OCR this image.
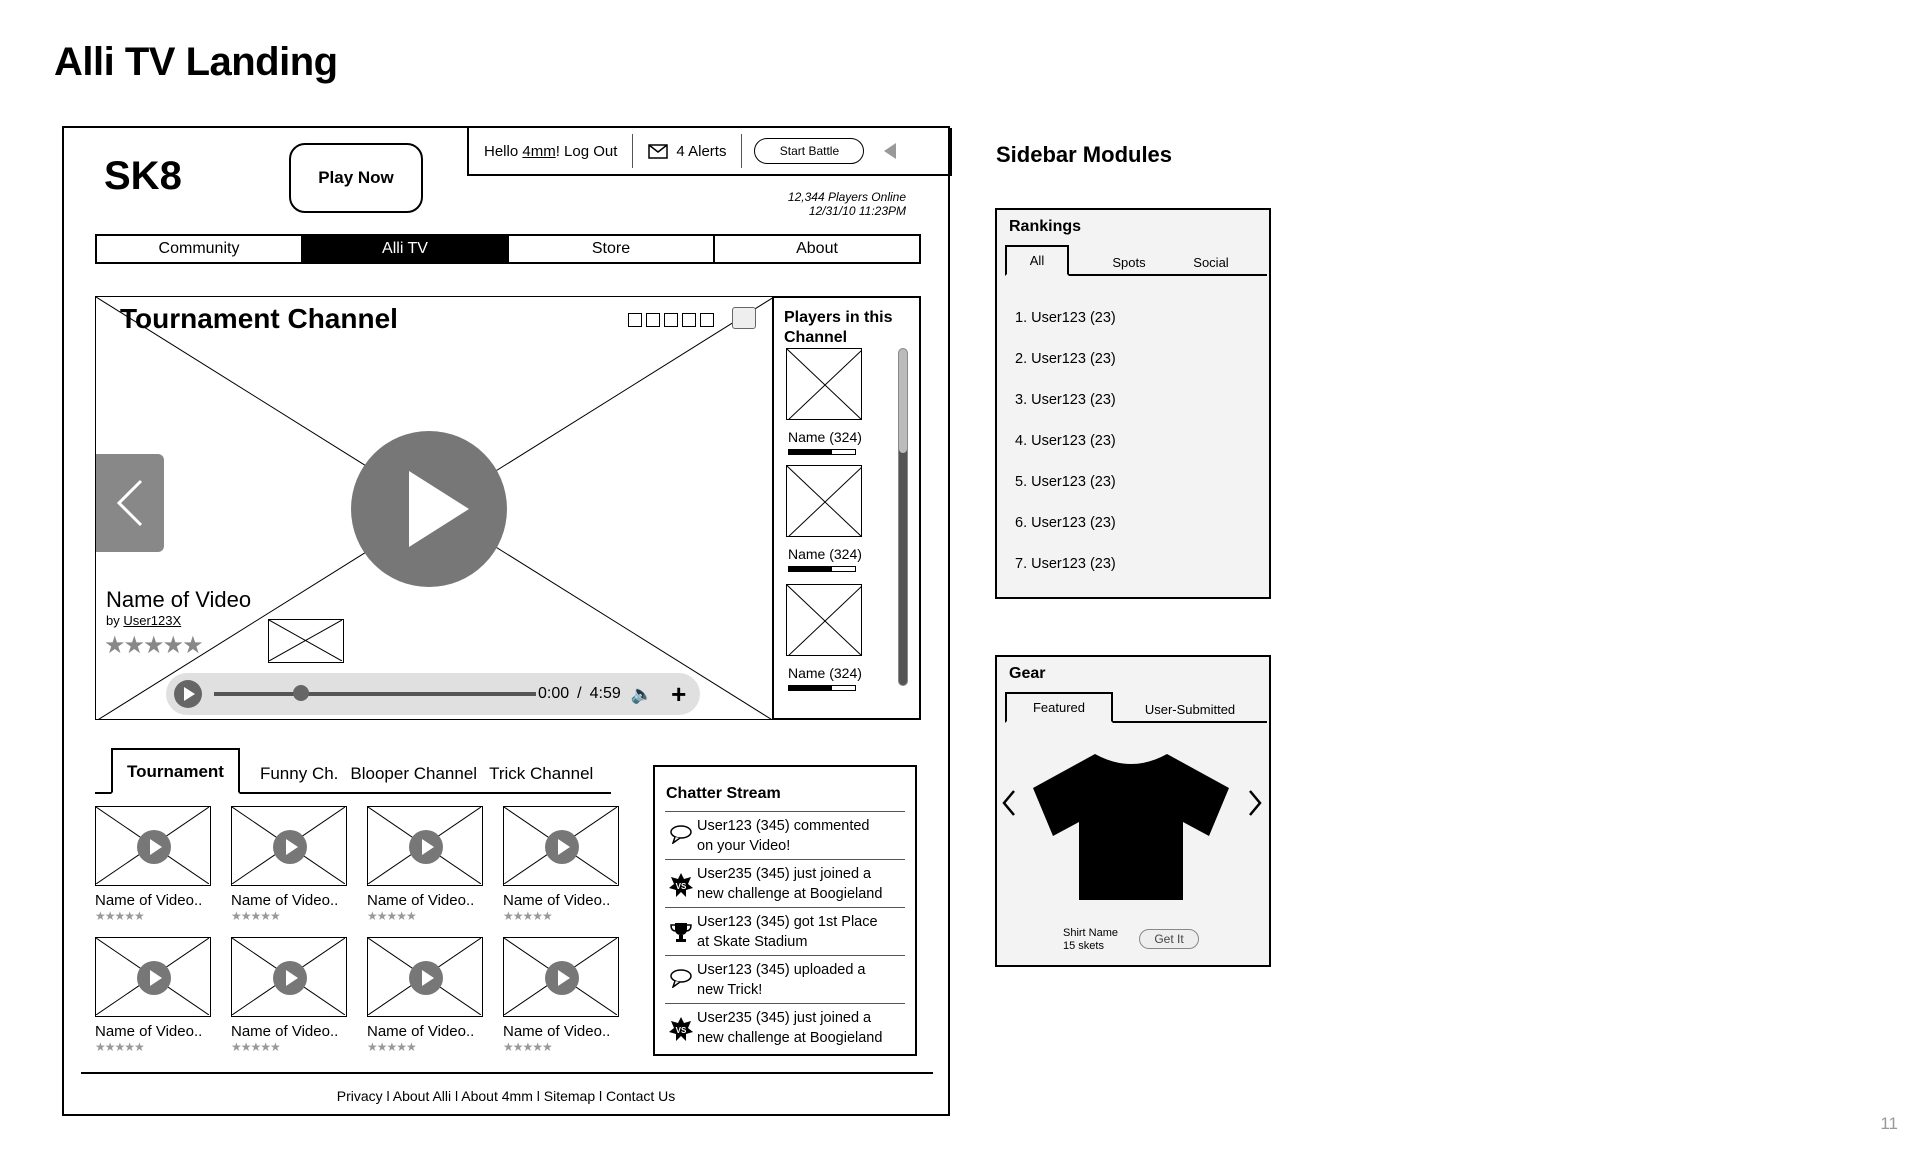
Alli TV Landing
11
SK8	Play Now
Hello 4mm !
Log Out	4 Alerts	Start Battle
12,344 Players Online
12/31/10 11:23PM
Community	Alli TV	Store	About
Tournament Channel
Name of Video
by User123X
★★★★★
0:00 / 4:59 🔈 +
Players in this Channel
Name (324)
Name (324)
Name (324)
Tournament	Funny Ch. Blooper Channel Trick Channel
Name of Video..
★★★★★
Name of Video..
★★★★★
Name of Video..
★★★★★
Name of Video..
★★★★★
Name of Video..
★★★★★
Name of Video..
★★★★★
Name of Video..
★★★★★
Name of Video..
★★★★★
Chatter Stream
User123 (345) commented
on your Video!
VS
User235 (345) just joined a
new challenge at Boogieland
User123 (345) got 1st Place
at Skate Stadium
User123 (345) uploaded a
new Trick!
VS
User235 (345) just joined a
new challenge at Boogieland
Privacy l About Alli l About 4mm l Sitemap l Contact Us
Sidebar Modules
Rankings
All	Spots	Social
1. User123 (23)
2. User123 (23)
3. User123 (23)
4. User123 (23)
5. User123 (23)
6. User123 (23)
7. User123 (23)
Gear
Featured	User-Submitted
Shirt Name
15 skets	Get It
